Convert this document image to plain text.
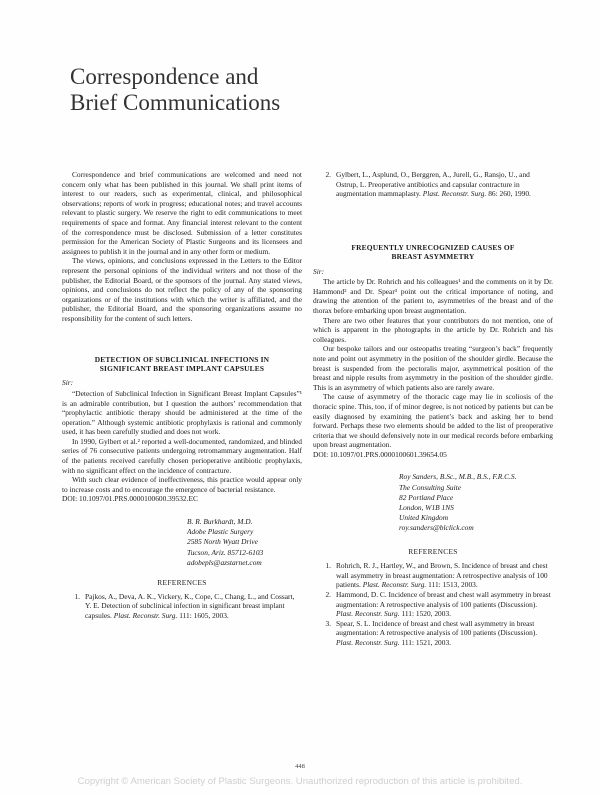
Correspondence and
Brief Communications

Correspondence and brief communications are welcomed and need not concern only what has been published in this journal. We shall print items of interest to our readers, such as experimental, clinical, and philosophical observations; reports of work in progress; educational notes; and travel accounts relevant to plastic surgery. We reserve the right to edit communications to meet requirements of space and format. Any financial interest relevant to the content of the correspondence must be disclosed. Submission of a letter constitutes permission for the American Society of Plastic Surgeons and its licensees and assignees to publish it in the journal and in any other form or medium.

The views, opinions, and conclusions expressed in the Letters to the Editor represent the personal opinions of the individual writers and not those of the publisher, the Editorial Board, or the sponsors of the journal. Any stated views, opinions, and conclusions do not reflect the policy of any of the sponsoring organizations or of the institutions with which the writer is affiliated, and the publisher, the Editorial Board, and the sponsoring organizations assume no responsibility for the content of such letters.

DETECTION OF SUBCLINICAL INFECTIONS IN
SIGNIFICANT BREAST IMPLANT CAPSULES
Sir:

“Detection of Subclinical Infection in Significant Breast Implant Capsules”¹ is an admirable contribution, but I question the authors’ recommendation that “prophylactic antibiotic therapy should be administered at the time of the operation.” Although systemic antibiotic prophylaxis is rational and commonly used, it has been carefully studied and does not work.

In 1990, Gylbert et al.² reported a well-documented, randomized, and blinded series of 76 consecutive patients undergoing retromammary augmentation. Half of the patients received carefully chosen perioperative antibiotic prophylaxis, with no significant effect on the incidence of contracture.

With such clear evidence of ineffectiveness, this practice would appear only to increase costs and to encourage the emergence of bacterial resistance.

DOI: 10.1097/01.PRS.0000100600.39532.EC

B. R. Burkhardt, M.D.
Adobe Plastic Surgery
2585 North Wyatt Drive
Tucson, Ariz. 85712-6103
adobepls@azstarnet.com
REFERENCES
1. Pajkos, A., Deva, A. K., Vickery, K., Cope, C., Chang, L., and Cossart, Y. E. Detection of subclinical infection in significant breast implant capsules. Plast. Reconstr. Surg. 111: 1605, 2003.
2. Gylbert, L., Asplund, O., Berggren, A., Jurell, G., Ransjo, U., and Ostrup, L. Preoperative antibiotics and capsular contracture in augmentation mammaplasty. Plast. Reconstr. Surg. 86: 260, 1990.
FREQUENTLY UNRECOGNIZED CAUSES OF
BREAST ASYMMETRY
Sir:

The article by Dr. Rohrich and his colleagues¹ and the comments on it by Dr. Hammond² and Dr. Spear³ point out the critical importance of noting, and drawing the attention of the patient to, asymmetries of the breast and of the thorax before embarking upon breast augmentation.

There are two other features that your contributors do not mention, one of which is apparent in the photographs in the article by Dr. Rohrich and his colleagues.

Our bespoke tailors and our osteopaths treating “surgeon’s back” frequently note and point out asymmetry in the position of the shoulder girdle. Because the breast is suspended from the pectoralis major, asymmetrical position of the breast and nipple results from asymmetry in the position of the shoulder girdle. This is an asymmetry of which patients also are rarely aware.

The cause of asymmetry of the thoracic cage may lie in scoliosis of the thoracic spine. This, too, if of minor degree, is not noticed by patients but can be easily diagnosed by examining the patient’s back and asking her to bend forward. Perhaps these two elements should be added to the list of preoperative criteria that we should defensively note in our medical records before embarking upon breast augmentation.

DOI: 10.1097/01.PRS.0000100601.39654.05

Roy Sanders, B.Sc., M.B., B.S., F.R.C.S.
The Consulting Suite
82 Portland Place
London, W1B 1NS
United Kingdom
roy.sanders@blclick.com
REFERENCES
1. Rohrich, R. J., Hartley, W., and Brown, S. Incidence of breast and chest wall asymmetry in breast augmentation: A retrospective analysis of 100 patients. Plast. Reconstr. Surg. 111: 1513, 2003.
2. Hammond, D. C. Incidence of breast and chest wall asymmetry in breast augmentation: A retrospective analysis of 100 patients (Discussion). Plast. Reconstr. Surg. 111: 1520, 2003.
3. Spear, S. L. Incidence of breast and chest wall asymmetry in breast augmentation: A retrospective analysis of 100 patients (Discussion). Plast. Reconstr. Surg. 111: 1521, 2003.
448
Copyright © American Society of Plastic Surgeons. Unauthorized reproduction of this article is prohibited.
